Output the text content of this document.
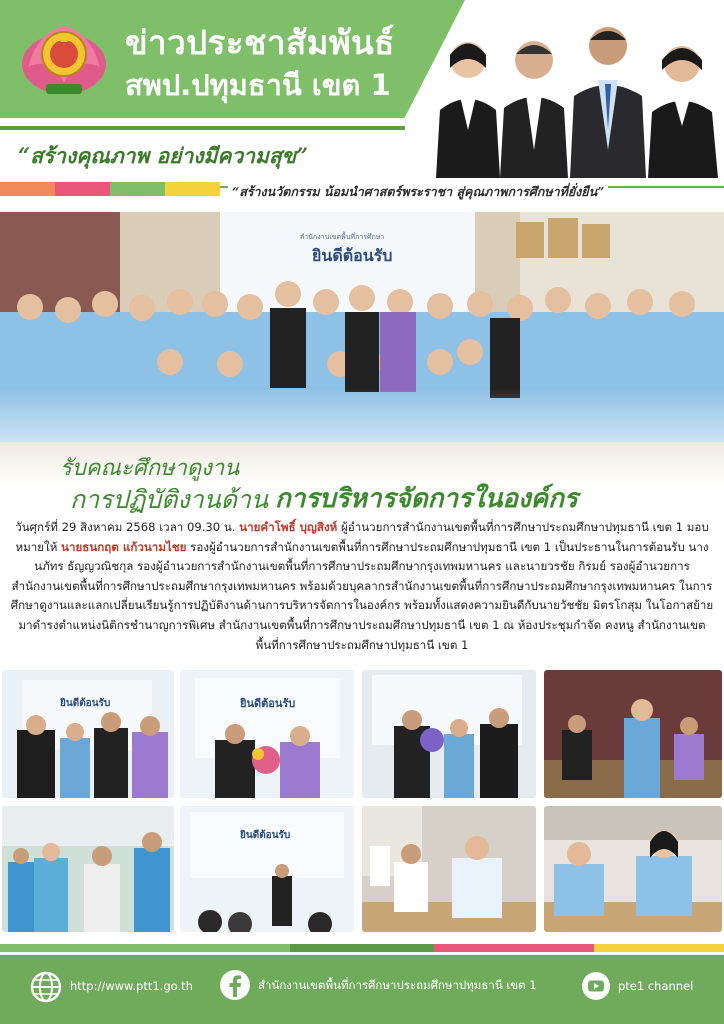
ข่าวประชาสัมพันธ์
สพป.ปทุมธานี เขต 1
“สร้างคุณภาพ อย่างมีความสุข”
“สร้างนวัตกรรม น้อมนำศาสตร์พระราชา สู่คุณภาพการศึกษาที่ยั่งยืน”
สำนักงานเขตพื้นที่การศึกษา
ยินดีต้อนรับ
รับคณะศึกษาดูงาน
การปฏิบัติงานด้าน การบริหารจัดการในองค์กร
วันศุกร์ที่ 29 สิงหาคม 2568 เวลา 09.30 น. นายคำโพธิ์ บุญสิงห์ ผู้อำนวยการสำนักงานเขตพื้นที่การศึกษาประถมศึกษาปทุมธานี เขต 1 มอบหมายให้ นายธนกฤต แก้วนามไชย รองผู้อำนวยการสำนักงานเขตพื้นที่การศึกษาประถมศึกษาปทุมธานี เขต 1 เป็นประธานในการต้อนรับ นางนภัทร ธัญญวณิชกุล รองผู้อำนวยการสำนักงานเขตพื้นที่การศึกษาประถมศึกษากรุงเทพมหานคร และนายวรชัย กิรมย์ รองผู้อำนวยการสำนักงานเขตพื้นที่การศึกษาประถมศึกษากรุงเทพมหานคร พร้อมด้วยบุคลากรสำนักงานเขตพื้นที่การศึกษาประถมศึกษากรุงเทพมหานคร ในการศึกษาดูงานและแลกเปลี่ยนเรียนรู้การปฏิบัติงานด้านการบริหารจัดการในองค์กร พร้อมทั้งแสดงความยินดีกับนายวัชชัย มิตรโกสุม ในโอกาสย้ายมาดำรงตำแหน่งนิติกรชำนาญการพิเศษ สำนักงานเขตพื้นที่การศึกษาประถมศึกษาปทุมธานี เขต 1 ณ ห้องประชุมกำจัด คงหนู สำนักงานเขตพื้นที่การศึกษาประถมศึกษาปทุมธานี เขต 1
ยินดีต้อนรับ	ยินดีต้อนรับ
ยินดีต้อนรับ
http://www.ptt1.go.th	สำนักงานเขตพื้นที่การศึกษาประถมศึกษาปทุมธานี เขต 1	pte1 channel
